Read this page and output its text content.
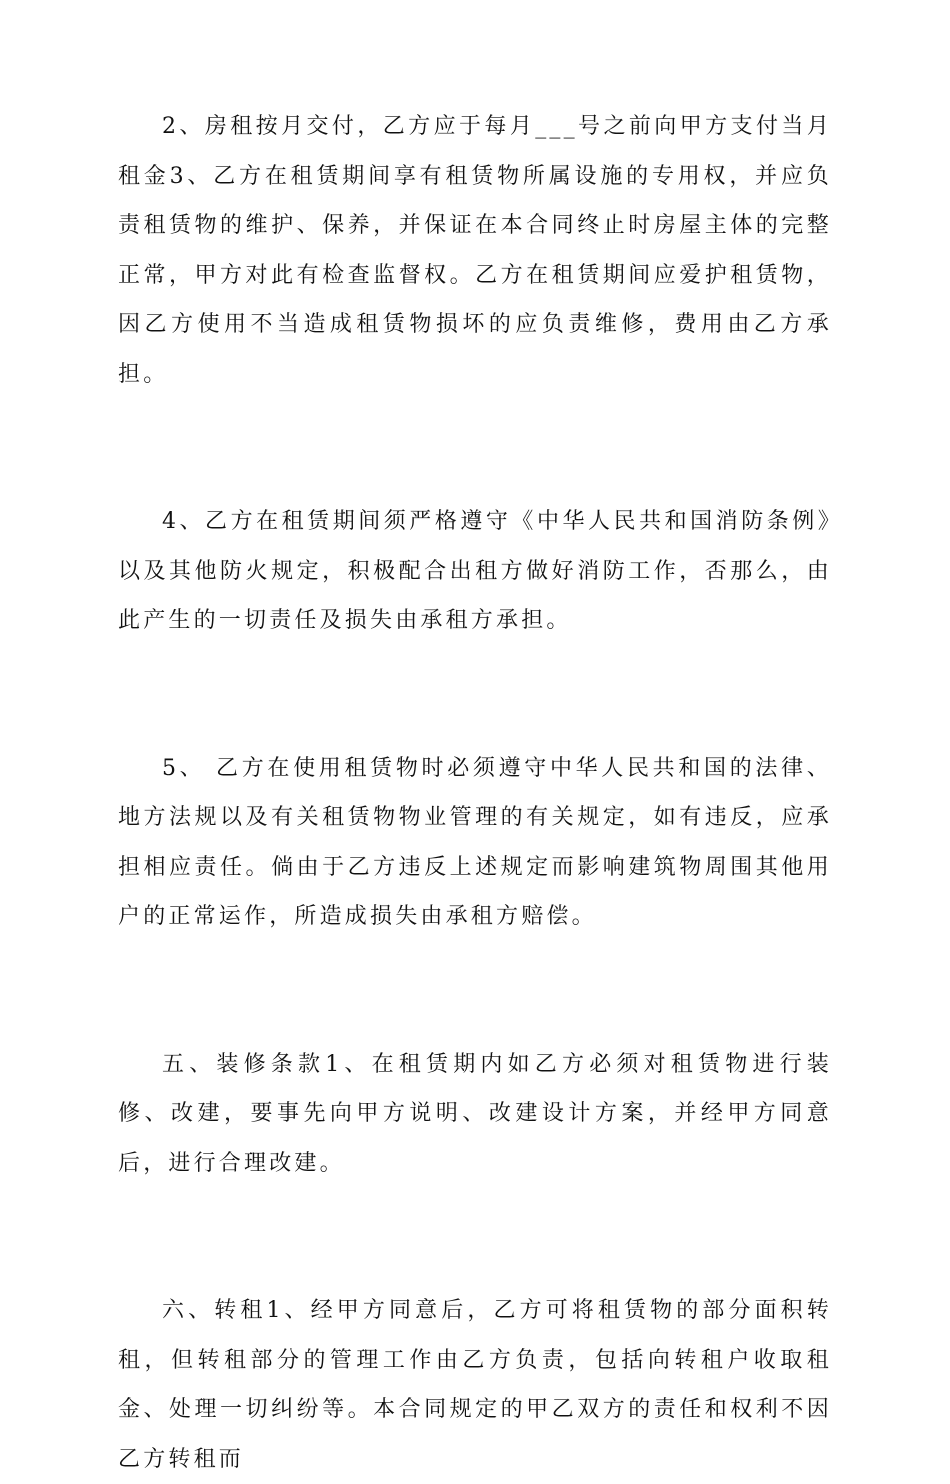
2、房租按月交付，乙方应于每月___号之前向甲方支付当月租金3、乙方在租赁期间享有租赁物所属设施的专用权，并应负责租赁物的维护、保养，并保证在本合同终止时房屋主体的完整正常，甲方对此有检查监督权。乙方在租赁期间应爱护租赁物，因乙方使用不当造成租赁物损坏的应负责维修，费用由乙方承担。

4、乙方在租赁期间须严格遵守《中华人民共和国消防条例》以及其他防火规定，积极配合出租方做好消防工作，否那么，由此产生的一切责任及损失由承租方承担。

5、 乙方在使用租赁物时必须遵守中华人民共和国的法律、地方法规以及有关租赁物物业管理的有关规定，如有违反，应承担相应责任。倘由于乙方违反上述规定而影响建筑物周围其他用户的正常运作，所造成损失由承租方赔偿。

五、装修条款1、在租赁期内如乙方必须对租赁物进行装修、改建，要事先向甲方说明、改建设计方案，并经甲方同意后，进行合理改建。

六、转租1、经甲方同意后，乙方可将租赁物的部分面积转租，但转租部分的管理工作由乙方负责，包括向转租户收取租金、处理一切纠纷等。本合同规定的甲乙双方的责任和权利不因乙方转租而
